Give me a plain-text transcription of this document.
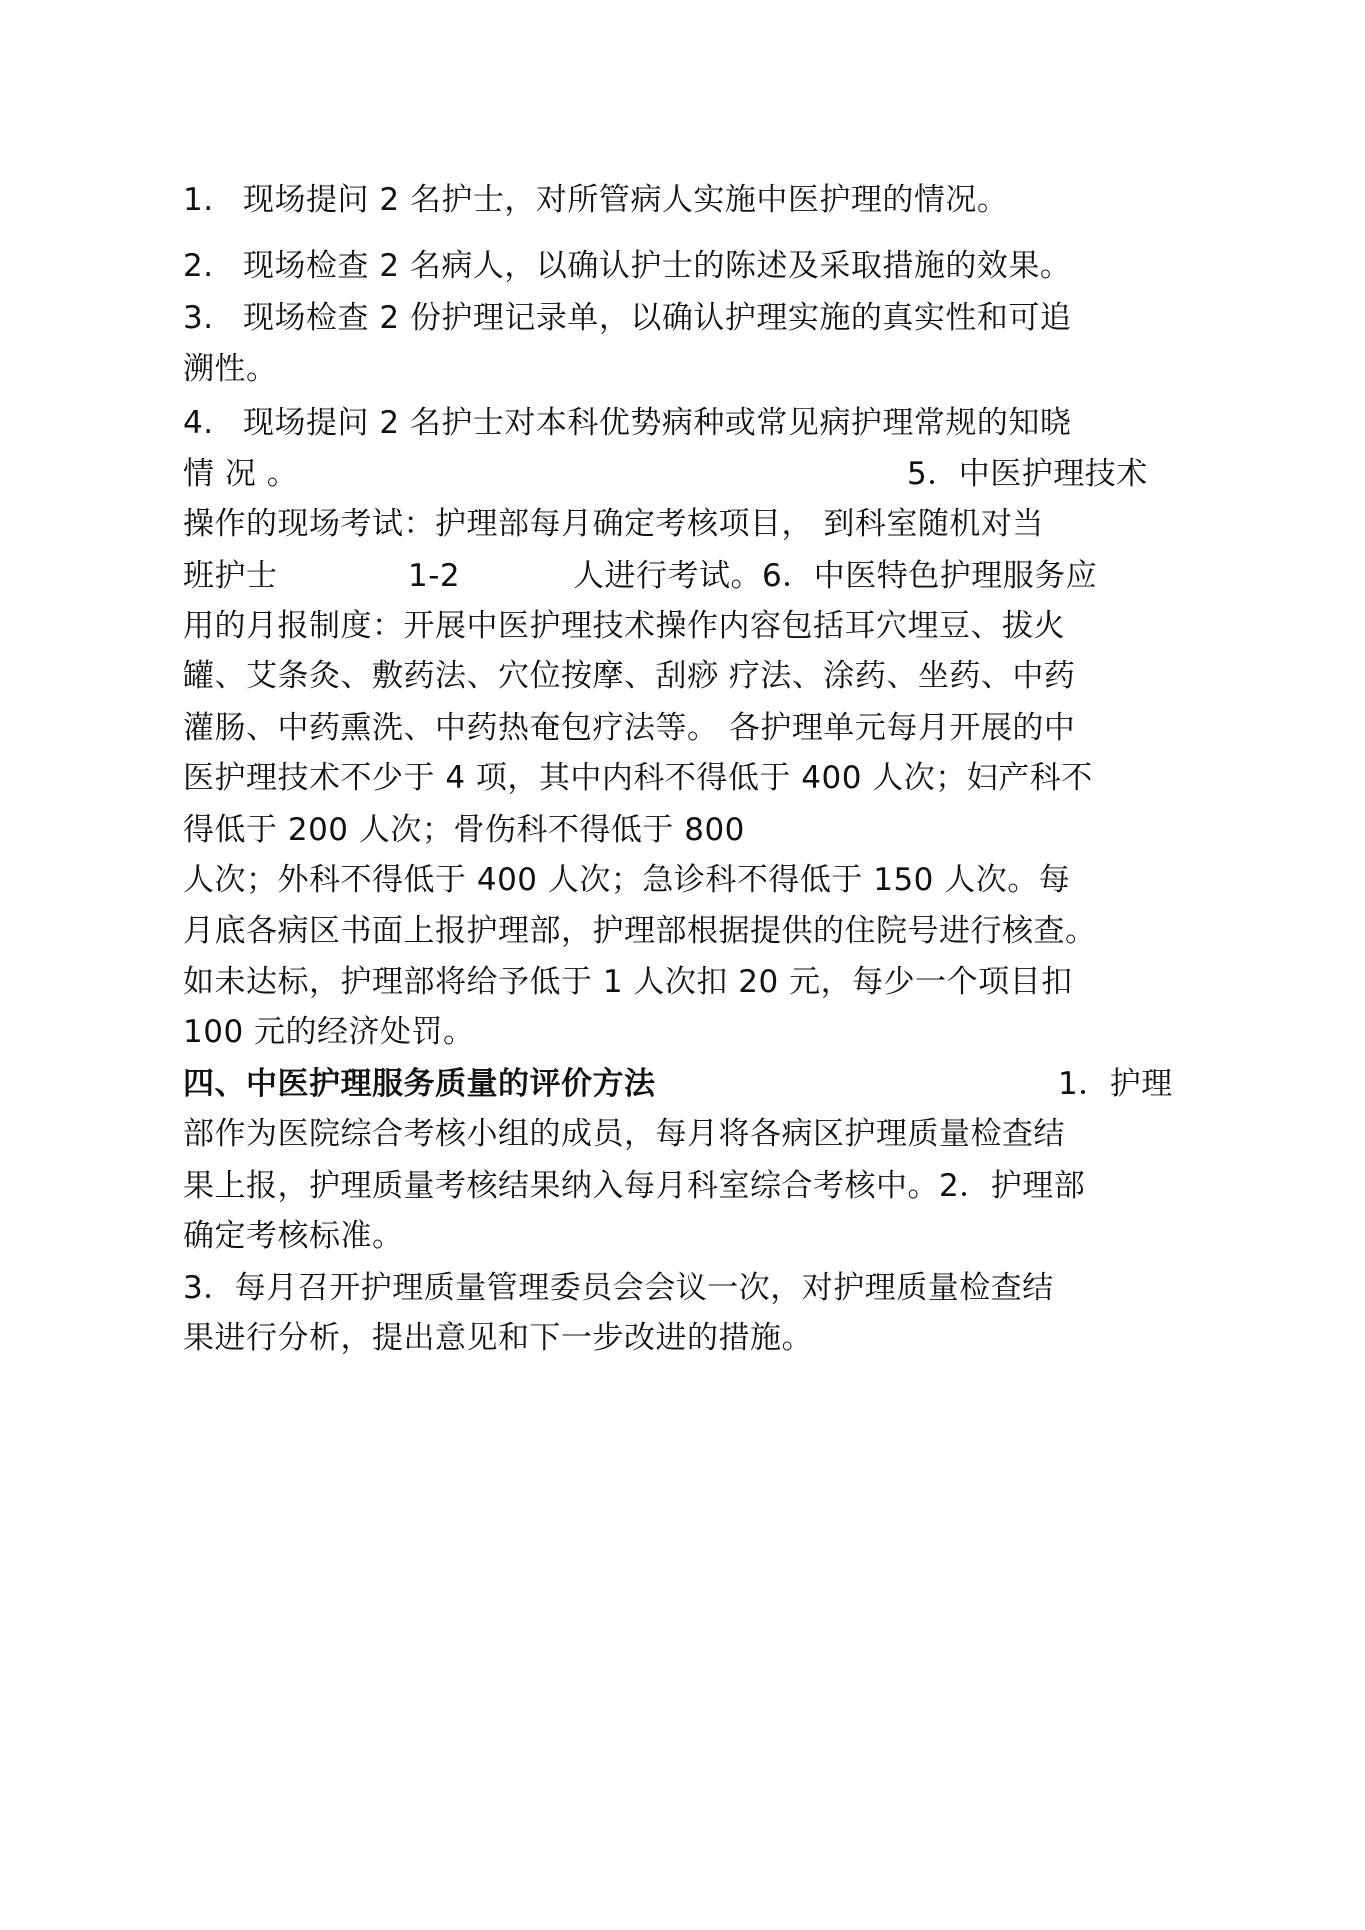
1. 现场提问 2 名护士，对所管病人实施中医护理的情况。
2. 现场检查 2 名病人，以确认护士的陈述及采取措施的效果。
3. 现场检查 2 份护理记录单，以确认护理实施的真实性和可追
溯性。
4. 现场提问 2 名护士对本科优势病种或常见病护理常规的知晓
情 况 。	5．中医护理技术
操作的现场考试：护理部每月确定考核项目， 到科室随机对当
班护士	1-2	人进行考试。6．中医特色护理服务应
用的月报制度：开展中医护理技术操作内容包括耳穴埋豆、拔火
罐、艾条灸、敷药法、穴位按摩、刮痧 疗法、涂药、坐药、中药
灌肠、中药熏洗、中药热奄包疗法等。 各护理单元每月开展的中
医护理技术不少于 4 项，其中内科不得低于 400 人次；妇产科不
得低于 200 人次；骨伤科不得低于 800
人次；外科不得低于 400 人次；急诊科不得低于 150 人次。每
月底各病区书面上报护理部，护理部根据提供的住院号进行核查。
如未达标，护理部将给予低于 1 人次扣 20 元，每少一个项目扣
100 元的经济处罚。
四、中医护理服务质量的评价方法	1．护理
部作为医院综合考核小组的成员，每月将各病区护理质量检查结
果上报，护理质量考核结果纳入每月科室综合考核中。2．护理部
确定考核标准。
3．每月召开护理质量管理委员会会议一次，对护理质量检查结
果进行分析，提出意见和下一步改进的措施。
